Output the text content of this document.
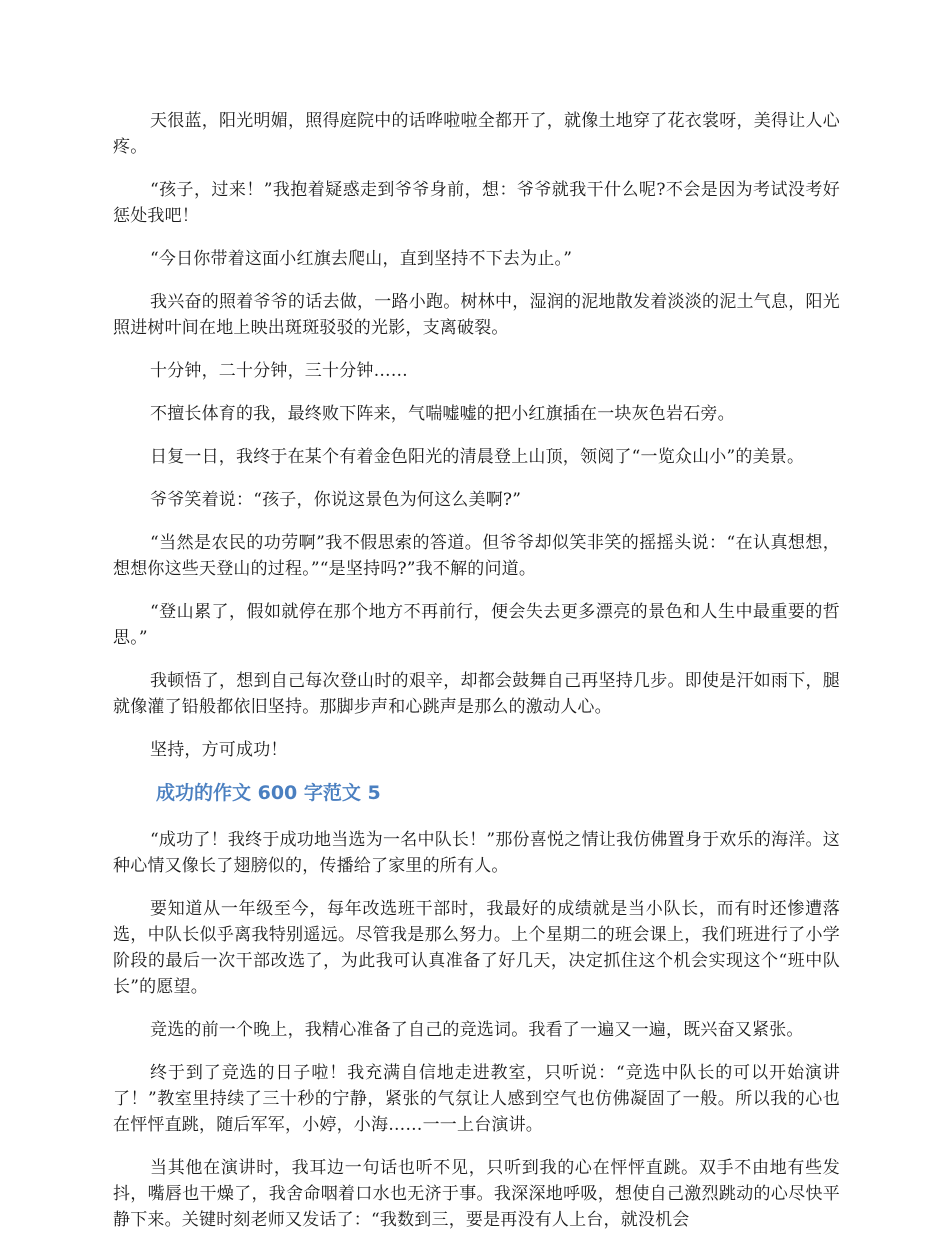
天很蓝，阳光明媚，照得庭院中的话哗啦啦全都开了，就像土地穿了花衣裳呀，美得让人心疼。

“孩子，过来！”我抱着疑惑走到爷爷身前，想：爷爷就我干什么呢?不会是因为考试没考好惩处我吧！

“今日你带着这面小红旗去爬山，直到坚持不下去为止。”

我兴奋的照着爷爷的话去做，一路小跑。树林中，湿润的泥地散发着淡淡的泥土气息，阳光照进树叶间在地上映出斑斑驳驳的光影，支离破裂。

十分钟，二十分钟，三十分钟……

不擅长体育的我，最终败下阵来，气喘嘘嘘的把小红旗插在一块灰色岩石旁。

日复一日，我终于在某个有着金色阳光的清晨登上山顶，领阅了“一览众山小”的美景。

爷爷笑着说：“孩子，你说这景色为何这么美啊?”

“当然是农民的功劳啊”我不假思索的答道。但爷爷却似笑非笑的摇摇头说：“在认真想想，想想你这些天登山的过程。”“是坚持吗?”我不解的问道。

“登山累了，假如就停在那个地方不再前行，便会失去更多漂亮的景色和人生中最重要的哲思。”

我顿悟了，想到自己每次登山时的艰辛，却都会鼓舞自己再坚持几步。即使是汗如雨下，腿就像灌了铅般都依旧坚持。那脚步声和心跳声是那么的激动人心。

坚持，方可成功！

成功的作文 600 字范文 5

“成功了！我终于成功地当选为一名中队长！”那份喜悦之情让我仿佛置身于欢乐的海洋。这种心情又像长了翅膀似的，传播给了家里的所有人。

要知道从一年级至今，每年改选班干部时，我最好的成绩就是当小队长，而有时还惨遭落选，中队长似乎离我特别遥远。尽管我是那么努力。上个星期二的班会课上，我们班进行了小学阶段的最后一次干部改选了，为此我可认真准备了好几天，决定抓住这个机会实现这个“班中队长”的愿望。

竞选的前一个晚上，我精心准备了自己的竞选词。我看了一遍又一遍，既兴奋又紧张。

终于到了竞选的日子啦！我充满自信地走进教室，只听说：“竞选中队长的可以开始演讲了！”教室里持续了三十秒的宁静，紧张的气氛让人感到空气也仿佛凝固了一般。所以我的心也在怦怦直跳，随后军军，小婷，小海……一一上台演讲。

当其他在演讲时，我耳边一句话也听不见，只听到我的心在怦怦直跳。双手不由地有些发抖，嘴唇也干燥了，我舍命咽着口水也无济于事。我深深地呼吸，想使自己激烈跳动的心尽快平静下来。关键时刻老师又发话了：“我数到三，要是再没有人上台，就没机会
